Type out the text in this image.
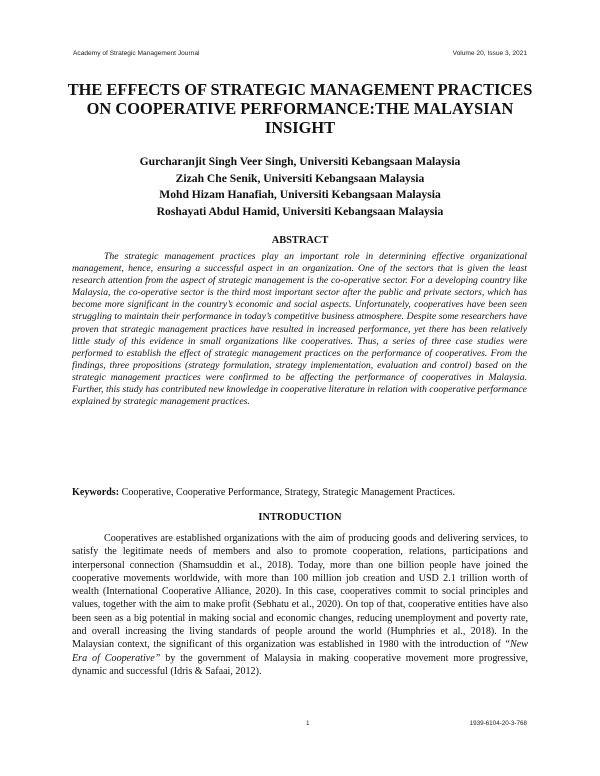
Academy of Strategic Management Journal	Volume 20, Issue 3, 2021
THE EFFECTS OF STRATEGIC MANAGEMENT PRACTICES ON COOPERATIVE PERFORMANCE:THE MALAYSIAN INSIGHT
Gurcharanjit Singh Veer Singh, Universiti Kebangsaan Malaysia
Zizah Che Senik, Universiti Kebangsaan Malaysia
Mohd Hizam Hanafiah, Universiti Kebangsaan Malaysia
Roshayati Abdul Hamid, Universiti Kebangsaan Malaysia
ABSTRACT

The strategic management practices play an important role in determining effective organizational management, hence, ensuring a successful aspect in an organization. One of the sectors that is given the least research attention from the aspect of strategic management is the co-operative sector. For a developing country like Malaysia, the co-operative sector is the third most important sector after the public and private sectors, which has become more significant in the country’s economic and social aspects. Unfortunately, cooperatives have been seen struggling to maintain their performance in today’s competitive business atmosphere. Despite some researchers have proven that strategic management practices have resulted in increased performance, yet there has been relatively little study of this evidence in small organizations like cooperatives. Thus, a series of three case studies were performed to establish the effect of strategic management practices on the performance of cooperatives. From the findings, three propositions (strategy formulation, strategy implementation, evaluation and control) based on the strategic management practices were confirmed to be affecting the performance of cooperatives in Malaysia. Further, this study has contributed new knowledge in cooperative literature in relation with cooperative performance explained by strategic management practices.

Keywords: Cooperative, Cooperative Performance, Strategy, Strategic Management Practices.
INTRODUCTION

Cooperatives are established organizations with the aim of producing goods and delivering services, to satisfy the legitimate needs of members and also to promote cooperation, relations, participations and interpersonal connection (Shamsuddin et al., 2018). Today, more than one billion people have joined the cooperative movements worldwide, with more than 100 million job creation and USD 2.1 trillion worth of wealth (International Cooperative Alliance, 2020). In this case, cooperatives commit to social principles and values, together with the aim to make profit (Sebhatu et al., 2020). On top of that, cooperative entities have also been seen as a big potential in making social and economic changes, reducing unemployment and poverty rate, and overall increasing the living standards of people around the world (Humphries et al., 2018). In the Malaysian context, the significant of this organization was established in 1980 with the introduction of “New Era of Cooperative” by the government of Malaysia in making cooperative movement more progressive, dynamic and successful (Idris & Safaai, 2012).

1	1939-6104-20-3-768
